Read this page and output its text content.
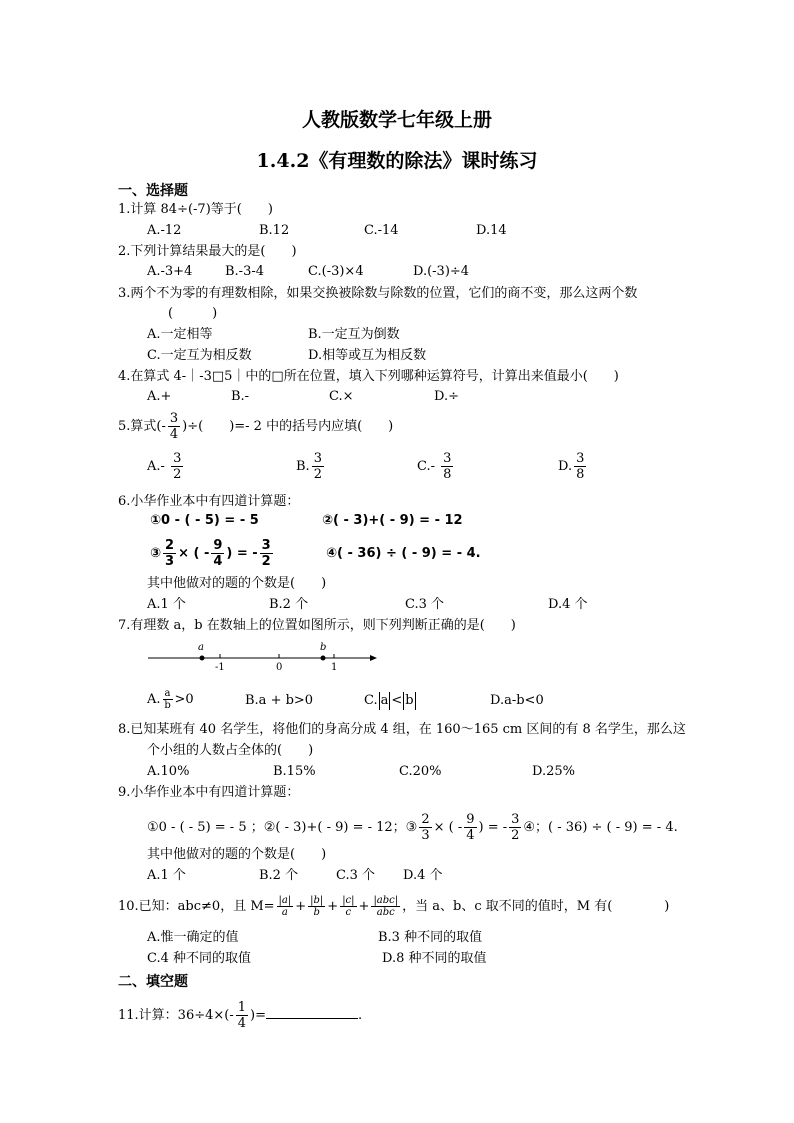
人教版数学七年级上册
1.4.2《有理数的除法》课时练习
一、选择题
1.计算 84÷(-7)等于(　　)
A.-12	B.12	C.-14	D.14
2.下列计算结果最大的是(　　)
A.-3+4	B.-3-4	C.(-3)×4	D.(-3)÷4
3.两个不为零的有理数相除，如果交换被除数与除数的位置，它们的商不变，那么这两个数
(　　　)
A.一定相等	B.一定互为倒数
C.一定互为相反数	D.相等或互为相反数
4.在算式 4-｜-3□5｜中的□所在位置，填入下列哪种运算符号，计算出来值最小(　　)
A.+	B.-	C.×	D.÷
5.算式(- $\frac{3}{4}$ )÷(　　)=- 2 中的括号内应填(　　)
$A.- \frac{3}{2}$	B. $\frac{3}{2}$	$C.- \frac{3}{8}$	D. $\frac{3}{8}$
6.小华作业本中有四道计算题：
①0 - ( - 5) = - 5	②( - 3)+( - 9) = - 12
③ $\frac{2}{3}$ × ( - $\frac{9}{4}$ ) = - $\frac{3}{2}$	④( - 36) ÷ ( - 9) = - 4.
其中他做对的题的个数是(　　)
A.1 个	B.2 个	C.3 个	D.4 个
7.有理数 a，b 在数轴上的位置如图所示，则下列判断正确的是(　　)
a	b
-1	0	1
A. $\frac{a}{b} >0$	B.a + b>0	C. a < b	D.a-b<0
8.已知某班有 40 名学生，将他们的身高分成 4 组，在 160～165 cm 区间的有 8 名学生，那么这
个小组的人数占全体的(　　)
A.10%	B.15%	C.20%	D.25%
9.小华作业本中有四道计算题：
①0 - ( - 5) = - 5 ；②( - 3)+( - 9) = - 12；③ $\frac{2}{3}$ × ( - $\frac{9}{4}$ ) = - $\frac{3}{2}$ ④；( - 36) ÷ ( - 9) = - 4.
其中他做对的题的个数是(　　)
A.1 个	B.2 个	C.3 个 D.4 个
10.已知：abc≠0，且 $M= \frac{|a|}{a} + \frac{|b|}{b} + \frac{|c|}{c} + \frac{\text{|abc|}}{\text{abc}}$ ，当 a、b、c 取不同的值时，M 有(　　　　)
A.惟一确定的值	B.3 种不同的取值
C.4 种不同的取值	D.8 种不同的取值
二、填空题
11.计算：$36\div 4\times(- \frac{1}{4}$ )=	.
